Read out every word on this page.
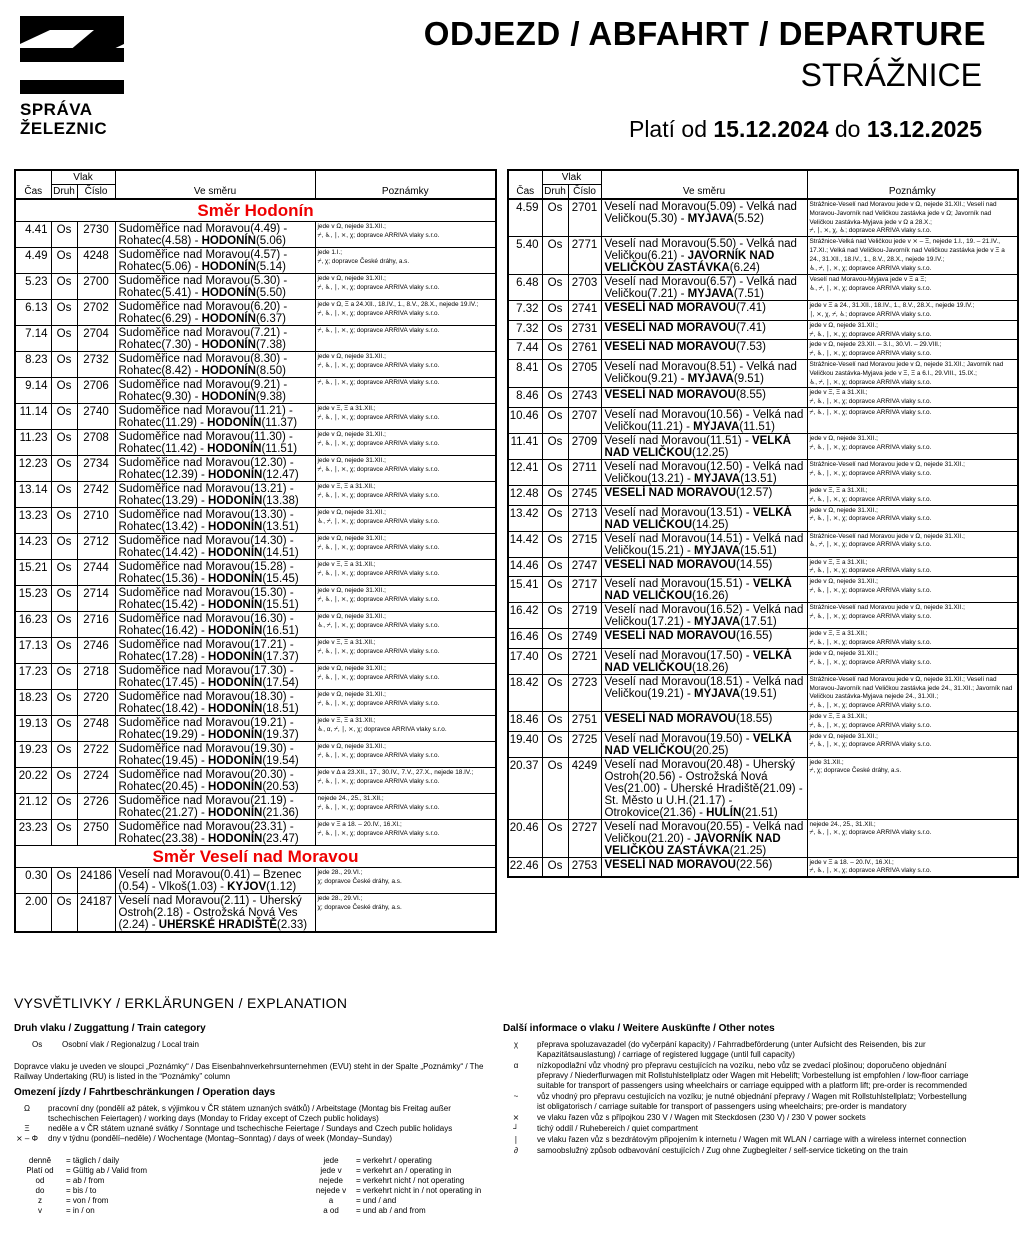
SPRÁVA
ŽELEZNIC
ODJEZD / ABFAHRT / DEPARTURE
STRÁŽNICE
Platí od 15.12.2024 do 13.12.2025
	Vlak			
Čas	Druh	Číslo	Ve směru	Poznámky
Směr Hodonín				
4.41	Os	2730	Sudoměřice nad Moravou(4.49) - Rohatec(4.58) - HODONÍN(5.06)	jede v Ω, nejede 31.XII.;
⌿, ♿, ∣, ⨯, χ; dopravce ARRIVA vlaky s.r.o.
4.49	Os	4248	Sudoměřice nad Moravou(4.57) - Rohatec(5.06) - HODONÍN(5.14)	jede 1.I.;
⌿, χ; dopravce České dráhy, a.s.
5.23	Os	2700	Sudoměřice nad Moravou(5.30) - Rohatec(5.41) - HODONÍN(5.50)	jede v Ω, nejede 31.XII.;
⌿, ♿, ∣, ⨯, χ; dopravce ARRIVA vlaky s.r.o.
6.13	Os	2702	Sudoměřice nad Moravou(6.20) - Rohatec(6.29) - HODONÍN(6.37)	jede v Ω, Ξ a 24.XII., 18.IV., 1., 8.V., 28.X., nejede 19.IV.;
⌿, ♿, ∣, ⨯, χ; dopravce ARRIVA vlaky s.r.o.
7.14	Os	2704	Sudoměřice nad Moravou(7.21) - Rohatec(7.30) - HODONÍN(7.38)	⌿, ♿, ∣, ⨯, χ; dopravce ARRIVA vlaky s.r.o.
8.23	Os	2732	Sudoměřice nad Moravou(8.30) - Rohatec(8.42) - HODONÍN(8.50)	jede v Ω, nejede 31.XII.;
⌿, ♿, ∣, ⨯, χ; dopravce ARRIVA vlaky s.r.o.
9.14	Os	2706	Sudoměřice nad Moravou(9.21) - Rohatec(9.30) - HODONÍN(9.38)	⌿, ♿, ∣, ⨯, χ; dopravce ARRIVA vlaky s.r.o.
11.14	Os	2740	Sudoměřice nad Moravou(11.21) - Rohatec(11.29) - HODONÍN(11.37)	jede v Ξ, Ξ a 31.XII.;
⌿, ♿, ∣, ⨯, χ; dopravce ARRIVA vlaky s.r.o.
11.23	Os	2708	Sudoměřice nad Moravou(11.30) - Rohatec(11.42) - HODONÍN(11.51)	jede v Ω, nejede 31.XII.;
⌿, ♿, ∣, ⨯, χ; dopravce ARRIVA vlaky s.r.o.
12.23	Os	2734	Sudoměřice nad Moravou(12.30) - Rohatec(12.39) - HODONÍN(12.47)	jede v Ω, nejede 31.XII.;
⌿, ♿, ∣, ⨯, χ; dopravce ARRIVA vlaky s.r.o.
13.14	Os	2742	Sudoměřice nad Moravou(13.21) - Rohatec(13.29) - HODONÍN(13.38)	jede v Ξ, Ξ a 31.XII.;
⌿, ♿, ∣, ⨯, χ; dopravce ARRIVA vlaky s.r.o.
13.23	Os	2710	Sudoměřice nad Moravou(13.30) - Rohatec(13.42) - HODONÍN(13.51)	jede v Ω, nejede 31.XII.;
♿, ⌿, ∣, ⨯, χ; dopravce ARRIVA vlaky s.r.o.
14.23	Os	2712	Sudoměřice nad Moravou(14.30) - Rohatec(14.42) - HODONÍN(14.51)	jede v Ω, nejede 31.XII.;
⌿, ♿, ∣, ⨯, χ; dopravce ARRIVA vlaky s.r.o.
15.21	Os	2744	Sudoměřice nad Moravou(15.28) - Rohatec(15.36) - HODONÍN(15.45)	jede v Ξ, Ξ a 31.XII.;
⌿, ♿, ∣, ⨯, χ; dopravce ARRIVA vlaky s.r.o.
15.23	Os	2714	Sudoměřice nad Moravou(15.30) - Rohatec(15.42) - HODONÍN(15.51)	jede v Ω, nejede 31.XII.;
⌿, ♿, ∣, ⨯, χ; dopravce ARRIVA vlaky s.r.o.
16.23	Os	2716	Sudoměřice nad Moravou(16.30) - Rohatec(16.42) - HODONÍN(16.51)	jede v Ω, nejede 31.XII.;
♿, ⌿, ∣, ⨯, χ; dopravce ARRIVA vlaky s.r.o.
17.13	Os	2746	Sudoměřice nad Moravou(17.21) - Rohatec(17.28) - HODONÍN(17.37)	jede v Ξ, Ξ a 31.XII.;
⌿, ♿, ∣, ⨯, χ; dopravce ARRIVA vlaky s.r.o.
17.23	Os	2718	Sudoměřice nad Moravou(17.30) - Rohatec(17.45) - HODONÍN(17.54)	jede v Ω, nejede 31.XII.;
⌿, ♿, ∣, ⨯, χ; dopravce ARRIVA vlaky s.r.o.
18.23	Os	2720	Sudoměřice nad Moravou(18.30) - Rohatec(18.42) - HODONÍN(18.51)	jede v Ω, nejede 31.XII.;
⌿, ♿, ∣, ⨯, χ; dopravce ARRIVA vlaky s.r.o.
19.13	Os	2748	Sudoměřice nad Moravou(19.21) - Rohatec(19.29) - HODONÍN(19.37)	jede v Ξ, Ξ a 31.XII.;
♿, α, ⌿, ∣, ⨯, χ; dopravce ARRIVA vlaky s.r.o.
19.23	Os	2722	Sudoměřice nad Moravou(19.30) - Rohatec(19.45) - HODONÍN(19.54)	jede v Ω, nejede 31.XII.;
⌿, ♿, ∣, ⨯, χ; dopravce ARRIVA vlaky s.r.o.
20.22	Os	2724	Sudoměřice nad Moravou(20.30) - Rohatec(20.45) - HODONÍN(20.53)	jede v Δ a 23.XII., 17., 30.IV., 7.V., 27.X., nejede 18.IV.;
⌿, ♿, ∣, ⨯, χ; dopravce ARRIVA vlaky s.r.o.
21.12	Os	2726	Sudoměřice nad Moravou(21.19) - Rohatec(21.27) - HODONÍN(21.36)	nejede 24., 25., 31.XII.;
⌿, ♿, ∣, ⨯, χ; dopravce ARRIVA vlaky s.r.o.
23.23	Os	2750	Sudoměřice nad Moravou(23.31) - Rohatec(23.38) - HODONÍN(23.47)	jede v Ξ a 18. – 20.IV., 16.XI.;
⌿, ♿, ∣, ⨯, χ; dopravce ARRIVA vlaky s.r.o.
Směr Veselí nad Moravou				
0.30	Os	24186	Veselí nad Moravou(0.41) – Bzenec (0.54) - Vlkoš(1.03) - KYJOV(1.12)	jede 28., 29.VI.;
χ; dopravce České dráhy, a.s.
2.00	Os	24187	Veselí nad Moravou(2.11) - Uherský Ostroh(2.18) - Ostrožská Nová Ves (2.24) - UHERSKÉ HRADIŠTĚ(2.33)	jede 28., 29.VI.;
χ; dopravce České dráhy, a.s.
	Vlak			
Čas	Druh	Číslo	Ve směru	Poznámky
4.59	Os	2701	Veselí nad Moravou(5.09) - Velká nad Veličkou(5.30) - MYJAVA(5.52)	Strážnice-Veselí nad Moravou jede v Ω, nejede 31.XII.; Veselí nad Moravou-Javorník nad Veličkou zastávka jede v Ω; Javorník nad Veličkou zastávka-Myjava jede v Ω a 28.X.;
⌿, ∣, ⨯, χ, ♿; dopravce ARRIVA vlaky s.r.o.
5.40	Os	2771	Veselí nad Moravou(5.50) - Velká nad Veličkou(6.21) - JAVORNÍK NAD VELIČKOU ZASTÁVKA(6.24)	Strážnice-Velká nad Veličkou jede v ⨯ – Ξ, nejede 1.I., 19. – 21.IV., 17.XI.; Velká nad Veličkou-Javorník nad Veličkou zastávka jede v Ξ a 24., 31.XII., 18.IV., 1., 8.V., 28.X., nejede 19.IV.;
♿, ⌿, ∣, ⨯, χ; dopravce ARRIVA vlaky s.r.o.
6.48	Os	2703	Veselí nad Moravou(6.57) - Velká nad Veličkou(7.21) - MYJAVA(7.51)	Veselí nad Moravou-Myjava jede v Ξ a Ξ;
♿, ⌿, ∣, ⨯, χ; dopravce ARRIVA vlaky s.r.o.
7.32	Os	2741	VESELÍ NAD MORAVOU(7.41)	jede v Ξ a 24., 31.XII., 18.IV., 1., 8.V., 28.X., nejede 19.IV.;
∣, ⨯, χ, ⌿, ♿; dopravce ARRIVA vlaky s.r.o.
7.32	Os	2731	VESELÍ NAD MORAVOU(7.41)	jede v Ω, nejede 31.XII.;
⌿, ♿, ∣, ⨯, χ; dopravce ARRIVA vlaky s.r.o.
7.44	Os	2761	VESELÍ NAD MORAVOU(7.53)	jede v Ω, nejede 23.XII. – 3.I., 30.VI. – 29.VIII.;
⌿, ♿, ∣, ⨯, χ; dopravce ARRIVA vlaky s.r.o.
8.41	Os	2705	Veselí nad Moravou(8.51) - Velká nad Veličkou(9.21) - MYJAVA(9.51)	Strážnice-Veselí nad Moravou jede v Ω, nejede 31.XII.; Javorník nad Veličkou zastávka-Myjava jede v Ξ, Ξ a 6.I., 29.VIII., 15.IX.;
♿, ⌿, ∣, ⨯, χ; dopravce ARRIVA vlaky s.r.o.
8.46	Os	2743	VESELÍ NAD MORAVOU(8.55)	jede v Ξ, Ξ a 31.XII.;
⌿, ♿, ∣, ⨯, χ; dopravce ARRIVA vlaky s.r.o.
10.46	Os	2707	Veselí nad Moravou(10.56) - Velká nad Veličkou(11.21) - MYJAVA(11.51)	⌿, ♿, ∣, ⨯, χ; dopravce ARRIVA vlaky s.r.o.
11.41	Os	2709	Veselí nad Moravou(11.51) - VELKÁ NAD VELIČKOU(12.25)	jede v Ω, nejede 31.XII.;
⌿, ♿, ∣, ⨯, χ; dopravce ARRIVA vlaky s.r.o.
12.41	Os	2711	Veselí nad Moravou(12.50) - Velká nad Veličkou(13.21) - MYJAVA(13.51)	Strážnice-Veselí nad Moravou jede v Ω, nejede 31.XII.;
⌿, ♿, ∣, ⨯, χ; dopravce ARRIVA vlaky s.r.o.
12.48	Os	2745	VESELÍ NAD MORAVOU(12.57)	jede v Ξ, Ξ a 31.XII.;
⌿, ♿, ∣, ⨯, χ; dopravce ARRIVA vlaky s.r.o.
13.42	Os	2713	Veselí nad Moravou(13.51) - VELKÁ NAD VELIČKOU(14.25)	jede v Ω, nejede 31.XII.;
⌿, ♿, ∣, ⨯, χ; dopravce ARRIVA vlaky s.r.o.
14.42	Os	2715	Veselí nad Moravou(14.51) - Velká nad Veličkou(15.21) - MYJAVA(15.51)	Strážnice-Veselí nad Moravou jede v Ω, nejede 31.XII.;
♿, ⌿, ∣, ⨯, χ; dopravce ARRIVA vlaky s.r.o.
14.46	Os	2747	VESELÍ NAD MORAVOU(14.55)	jede v Ξ, Ξ a 31.XII.;
⌿, ♿, ∣, ⨯, χ; dopravce ARRIVA vlaky s.r.o.
15.41	Os	2717	Veselí nad Moravou(15.51) - VELKÁ NAD VELIČKOU(16.26)	jede v Ω, nejede 31.XII.;
⌿, ♿, ∣, ⨯, χ; dopravce ARRIVA vlaky s.r.o.
16.42	Os	2719	Veselí nad Moravou(16.52) - Velká nad Veličkou(17.21) - MYJAVA(17.51)	Strážnice-Veselí nad Moravou jede v Ω, nejede 31.XII.;
⌿, ♿, ∣, ⨯, χ; dopravce ARRIVA vlaky s.r.o.
16.46	Os	2749	VESELÍ NAD MORAVOU(16.55)	jede v Ξ, Ξ a 31.XII.;
⌿, ♿, ∣, ⨯, χ; dopravce ARRIVA vlaky s.r.o.
17.40	Os	2721	Veselí nad Moravou(17.50) - VELKÁ NAD VELIČKOU(18.26)	jede v Ω, nejede 31.XII.;
⌿, ♿, ∣, ⨯, χ; dopravce ARRIVA vlaky s.r.o.
18.42	Os	2723	Veselí nad Moravou(18.51) - Velká nad Veličkou(19.21) - MYJAVA(19.51)	Strážnice-Veselí nad Moravou jede v Ω, nejede 31.XII.; Veselí nad Moravou-Javorník nad Veličkou zastávka jede 24., 31.XII.; Javorník nad Veličkou zastávka-Myjava nejede 24., 31.XII.;
⌿, ♿, ∣, ⨯, χ; dopravce ARRIVA vlaky s.r.o.
18.46	Os	2751	VESELÍ NAD MORAVOU(18.55)	jede v Ξ, Ξ a 31.XII.;
⌿, ♿, ∣, ⨯, χ; dopravce ARRIVA vlaky s.r.o.
19.40	Os	2725	Veselí nad Moravou(19.50) - VELKÁ NAD VELIČKOU(20.25)	jede v Ω, nejede 31.XII.;
⌿, ♿, ∣, ⨯, χ; dopravce ARRIVA vlaky s.r.o.
20.37	Os	4249	Veselí nad Moravou(20.48) - Uherský Ostroh(20.56) - Ostrožská Nová Ves(21.00) - Uherské Hradiště(21.09) - St. Město u U.H.(21.17) - Otrokovice(21.36) - HULÍN(21.51)	jede 31.XII.;
⌿, χ; dopravce České dráhy, a.s.
20.46	Os	2727	Veselí nad Moravou(20.55) - Velká nad Veličkou(21.20) - JAVORNÍK NAD VELIČKOU ZASTÁVKA(21.25)	nejede 24., 25., 31.XII.;
⌿, ♿, ∣, ⨯, χ; dopravce ARRIVA vlaky s.r.o.
22.46	Os	2753	VESELÍ NAD MORAVOU(22.56)	jede v Ξ a 18. – 20.IV., 16.XI.;
⌿, ♿, ∣, ⨯, χ; dopravce ARRIVA vlaky s.r.o.
VYSVĚTLIVKY / ERKLÄRUNGEN / EXPLANATION
Druh vlaku / Zuggattung / Train category
Os	Osobní vlak / Regionalzug / Local train
Dopravce vlaku je uveden ve sloupci „Poznámky“ / Das Eisenbahnverkehrsunternehmen (EVU) steht in der Spalte „Poznámky“ / The Railway Undertaking (RU) is listed in the “Poznámky” column
Omezení jízdy / Fahrtbeschränkungen / Operation days
Ω	pracovní dny (pondělí až pátek, s výjimkou v ČR státem uznaných svátků) / Arbeitstage (Montag bis Freitag außer tschechischen Feiertagen) / working days (Monday to Friday except of Czech public holidays)
Ξ	neděle a v ČR státem uznané svátky / Sonntage und tschechische Feiertage / Sundays and Czech public holidays
⨯ – Φ dny v týdnu (pondělí–neděle) / Wochentage (Montag–Sonntag) / days of week (Monday–Sunday)
denně	= täglich / daily	jede	= verkehrt / operating
Platí od	= Gültig ab / Valid from	jede v	= verkehrt an / operating in
od	= ab / from	nejede	= verkehrt nicht / not operating
do	= bis / to	nejede v	= verkehrt nicht in / not operating in
z	= von / from	a	= und / and
v	= in / on	a od	= und ab / and from
Další informace o vlaku / Weitere Auskünfte / Other notes
χ	přeprava spoluzavazadel (do vyčerpání kapacity) / Fahrradbeförderung (unter Aufsicht des Reisenden, bis zur Kapazitätsauslastung) / carriage of registered luggage (until full capacity)
α	nízkopodlažní vůz vhodný pro přepravu cestujících na vozíku, nebo vůz se zvedací plošinou; doporučeno objednání přepravy / Niederflurwagen mit Rollstuhlstellplatz oder Wagen mit Hebelift; Vorbestellung ist empfohlen / low-floor carriage suitable for transport of passengers using wheelchairs or carriage equipped with a platform lift; pre-order is recommended
~	vůz vhodný pro přepravu cestujících na vozíku; je nutné objednání přepravy / Wagen mit Rollstuhlstellplatz; Vorbestellung ist obligatorisch / carriage suitable for transport of passengers using wheelchairs; pre-order is mandatory
⨯	ve vlaku řazen vůz s přípojkou 230 V / Wagen mit Steckdosen (230 V) / 230 V power sockets
┘	tichý oddíl / Ruhebereich / quiet compartment
∣	ve vlaku řazen vůz s bezdrátovým připojením k internetu / Wagen mit WLAN / carriage with a wireless internet connection
∂	samoobslužný způsob odbavování cestujících / Zug ohne Zugbegleiter / self-service ticketing on the train
